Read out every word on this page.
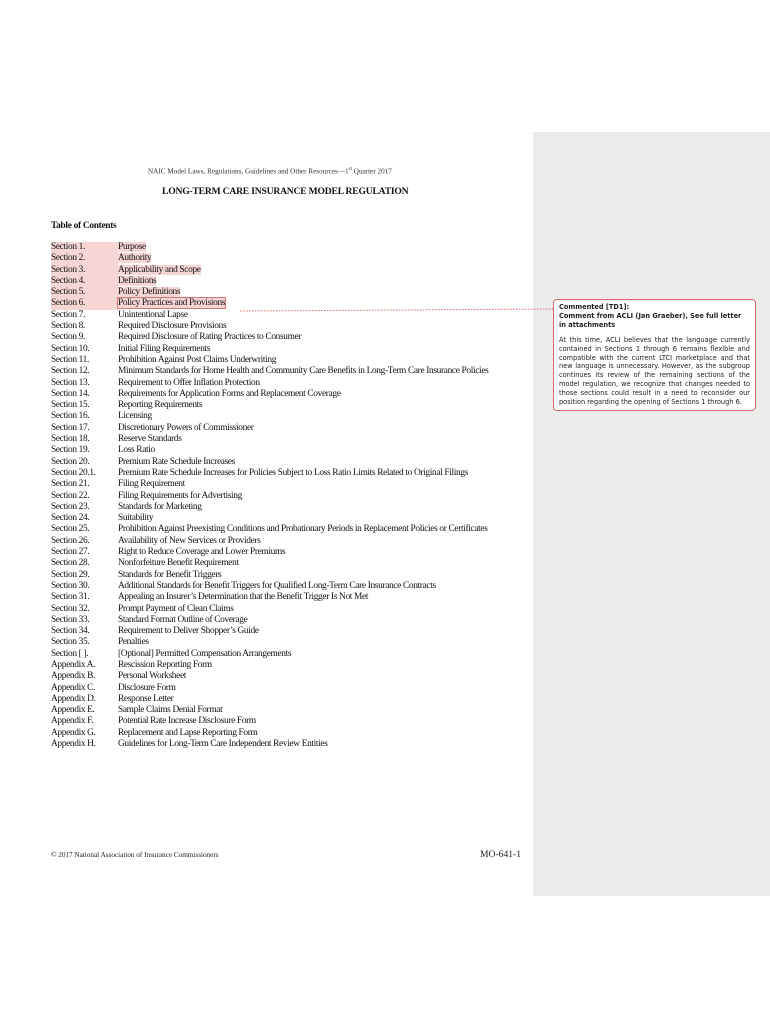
NAIC Model Laws, Regulations, Guidelines and Other Resources—1st Quarter 2017
LONG-TERM CARE INSURANCE MODEL REGULATION
Table of Contents
Section 1.	Purpose
Section 2.	Authority
Section 3.	Applicability and Scope
Section 4.	Definitions
Section 5.	Policy Definitions
Section 6.	Policy Practices and Provisions
Section 7.	Unintentional Lapse
Section 8.	Required Disclosure Provisions
Section 9.	Required Disclosure of Rating Practices to Consumer
Section 10.	Initial Filing Requirements
Section 11.	Prohibition Against Post Claims Underwriting
Section 12.	Minimum Standards for Home Health and Community Care Benefits in Long-Term Care Insurance Policies
Section 13.	Requirement to Offer Inflation Protection
Section 14.	Requirements for Application Forms and Replacement Coverage
Section 15.	Reporting Requirements
Section 16.	Licensing
Section 17.	Discretionary Powers of Commissioner
Section 18.	Reserve Standards
Section 19.	Loss Ratio
Section 20.	Premium Rate Schedule Increases
Section 20.1.	Premium Rate Schedule Increases for Policies Subject to Loss Ratio Limits Related to Original Filings
Section 21.	Filing Requirement
Section 22.	Filing Requirements for Advertising
Section 23.	Standards for Marketing
Section 24.	Suitability
Section 25.	Prohibition Against Preexisting Conditions and Probationary Periods in Replacement Policies or Certificates
Section 26.	Availability of New Services or Providers
Section 27.	Right to Reduce Coverage and Lower Premiums
Section 28.	Nonforfeiture Benefit Requirement
Section 29.	Standards for Benefit Triggers
Section 30.	Additional Standards for Benefit Triggers for Qualified Long-Term Care Insurance Contracts
Section 31.	Appealing an Insurer’s Determination that the Benefit Trigger Is Not Met
Section 32.	Prompt Payment of Clean Claims
Section 33.	Standard Format Outline of Coverage
Section 34.	Requirement to Deliver Shopper’s Guide
Section 35.	Penalties
Section [ ].	[Optional] Permitted Compensation Arrangements
Appendix A.	Rescission Reporting Form
Appendix B.	Personal Worksheet
Appendix C.	Disclosure Form
Appendix D.	Response Letter
Appendix E.	Sample Claims Denial Format
Appendix F.	Potential Rate Increase Disclosure Form
Appendix G.	Replacement and Lapse Reporting Form
Appendix H.	Guidelines for Long-Term Care Independent Review Entities
© 2017 National Association of Insurance Commissioners	MO-641-1
Commented [TD1]:
Comment from ACLI (Jan Graeber), See full letter in attachments
At this time, ACLI believes that the language currently contained in Sections 1 through 6 remains flexible and compatible with the current LTCI marketplace and that new language is unnecessary. However, as the subgroup continues its review of the remaining sections of the model regulation, we recognize that changes needed to those sections could result in a need to reconsider our position regarding the opening of Sections 1 through 6.
